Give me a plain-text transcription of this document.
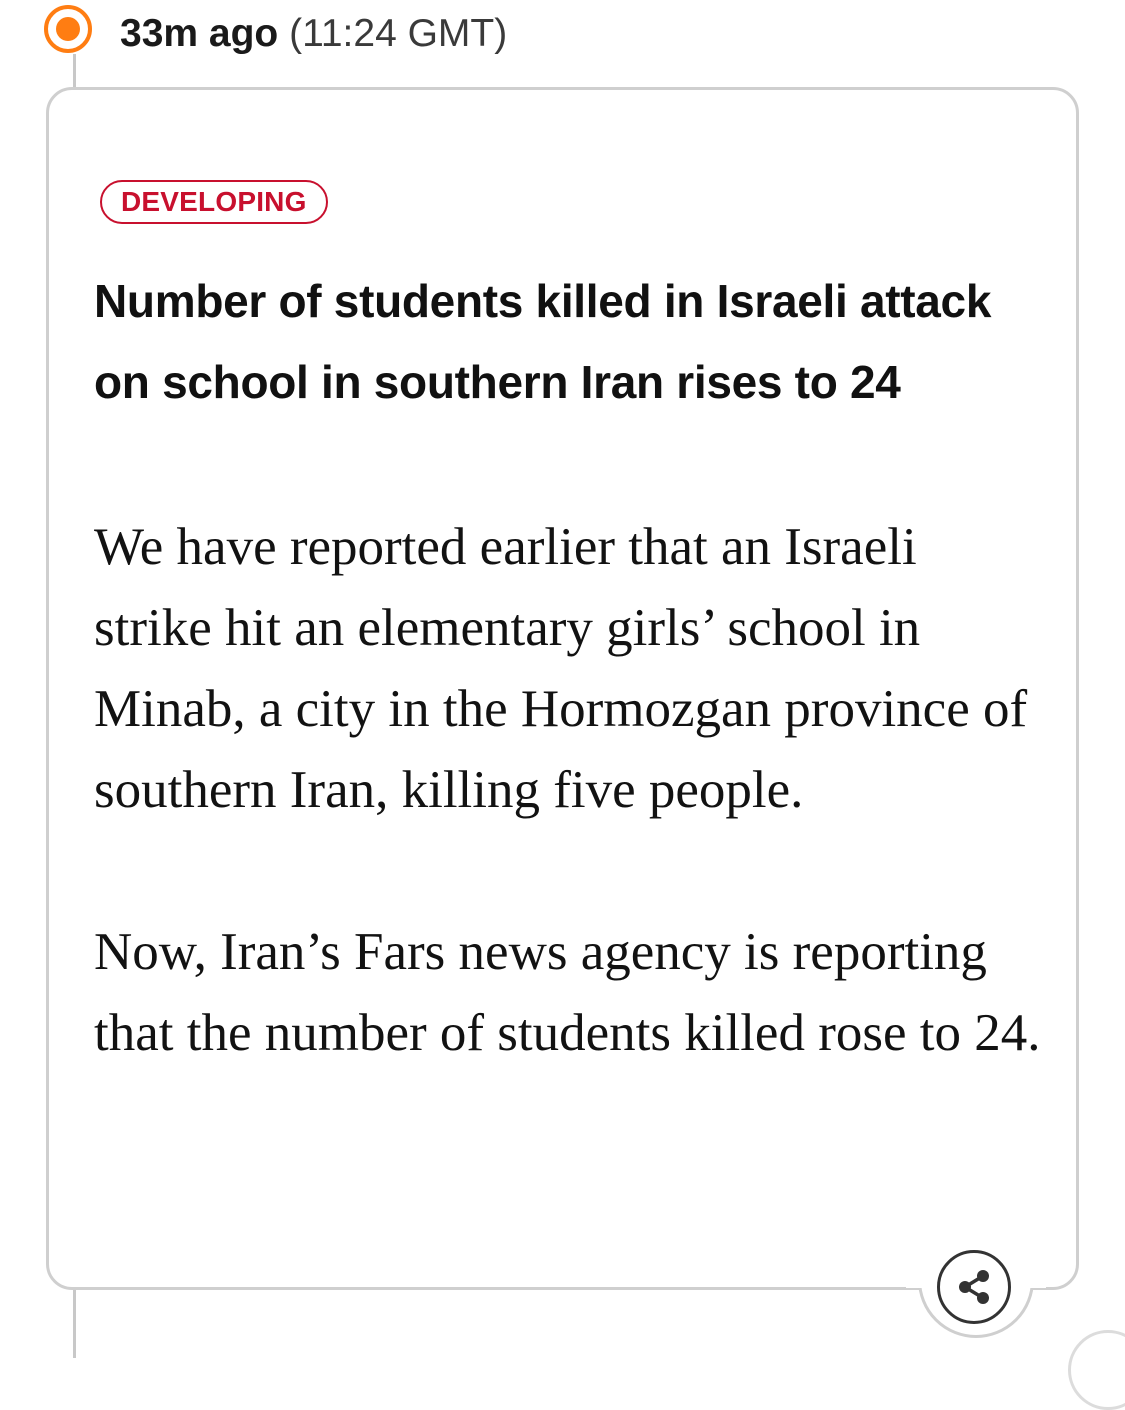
33m ago (11:24 GMT)
DEVELOPING
Number of students killed in Israeli attack on school in southern Iran rises to 24

We have reported earlier that an Israeli strike hit an elementary girls’ school in Minab, a city in the Hormozgan province of southern Iran, killing five people.

Now, Iran’s Fars news agency is reporting that the number of students killed rose to 24.
